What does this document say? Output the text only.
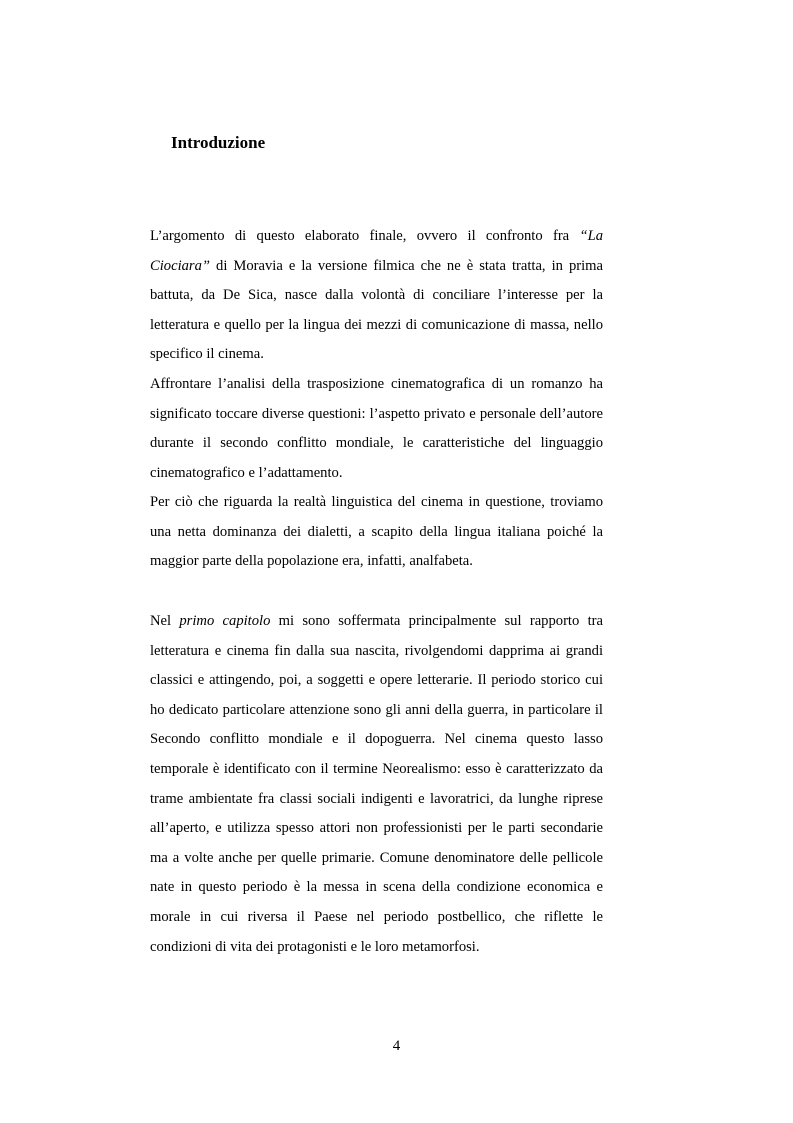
Introduzione

L’argomento di questo elaborato finale, ovvero il confronto fra “La Ciociara” di Moravia e la versione filmica che ne è stata tratta, in prima battuta, da De Sica, nasce dalla volontà di conciliare l’interesse per la letteratura e quello per la lingua dei mezzi di comunicazione di massa, nello specifico il cinema.

Affrontare l’analisi della trasposizione cinematografica di un romanzo ha significato toccare diverse questioni: l’aspetto privato e personale dell’autore durante il secondo conflitto mondiale, le caratteristiche del linguaggio cinematografico e l’adattamento.

Per ciò che riguarda la realtà linguistica del cinema in questione, troviamo una netta dominanza dei dialetti, a scapito della lingua italiana poiché la maggior parte della popolazione era, infatti, analfabeta.

Nel primo capitolo mi sono soffermata principalmente sul rapporto tra letteratura e cinema fin dalla sua nascita, rivolgendomi dapprima ai grandi classici e attingendo, poi, a soggetti e opere letterarie. Il periodo storico cui ho dedicato particolare attenzione sono gli anni della guerra, in particolare il Secondo conflitto mondiale e il dopoguerra. Nel cinema questo lasso temporale è identificato con il termine Neorealismo: esso è caratterizzato da trame ambientate fra classi sociali indigenti e lavoratrici, da lunghe riprese all’aperto, e utilizza spesso attori non professionisti per le parti secondarie ma a volte anche per quelle primarie. Comune denominatore delle pellicole nate in questo periodo è la messa in scena della condizione economica e morale in cui riversa il Paese nel periodo postbellico, che riflette le condizioni di vita dei protagonisti e le loro metamorfosi.

4
